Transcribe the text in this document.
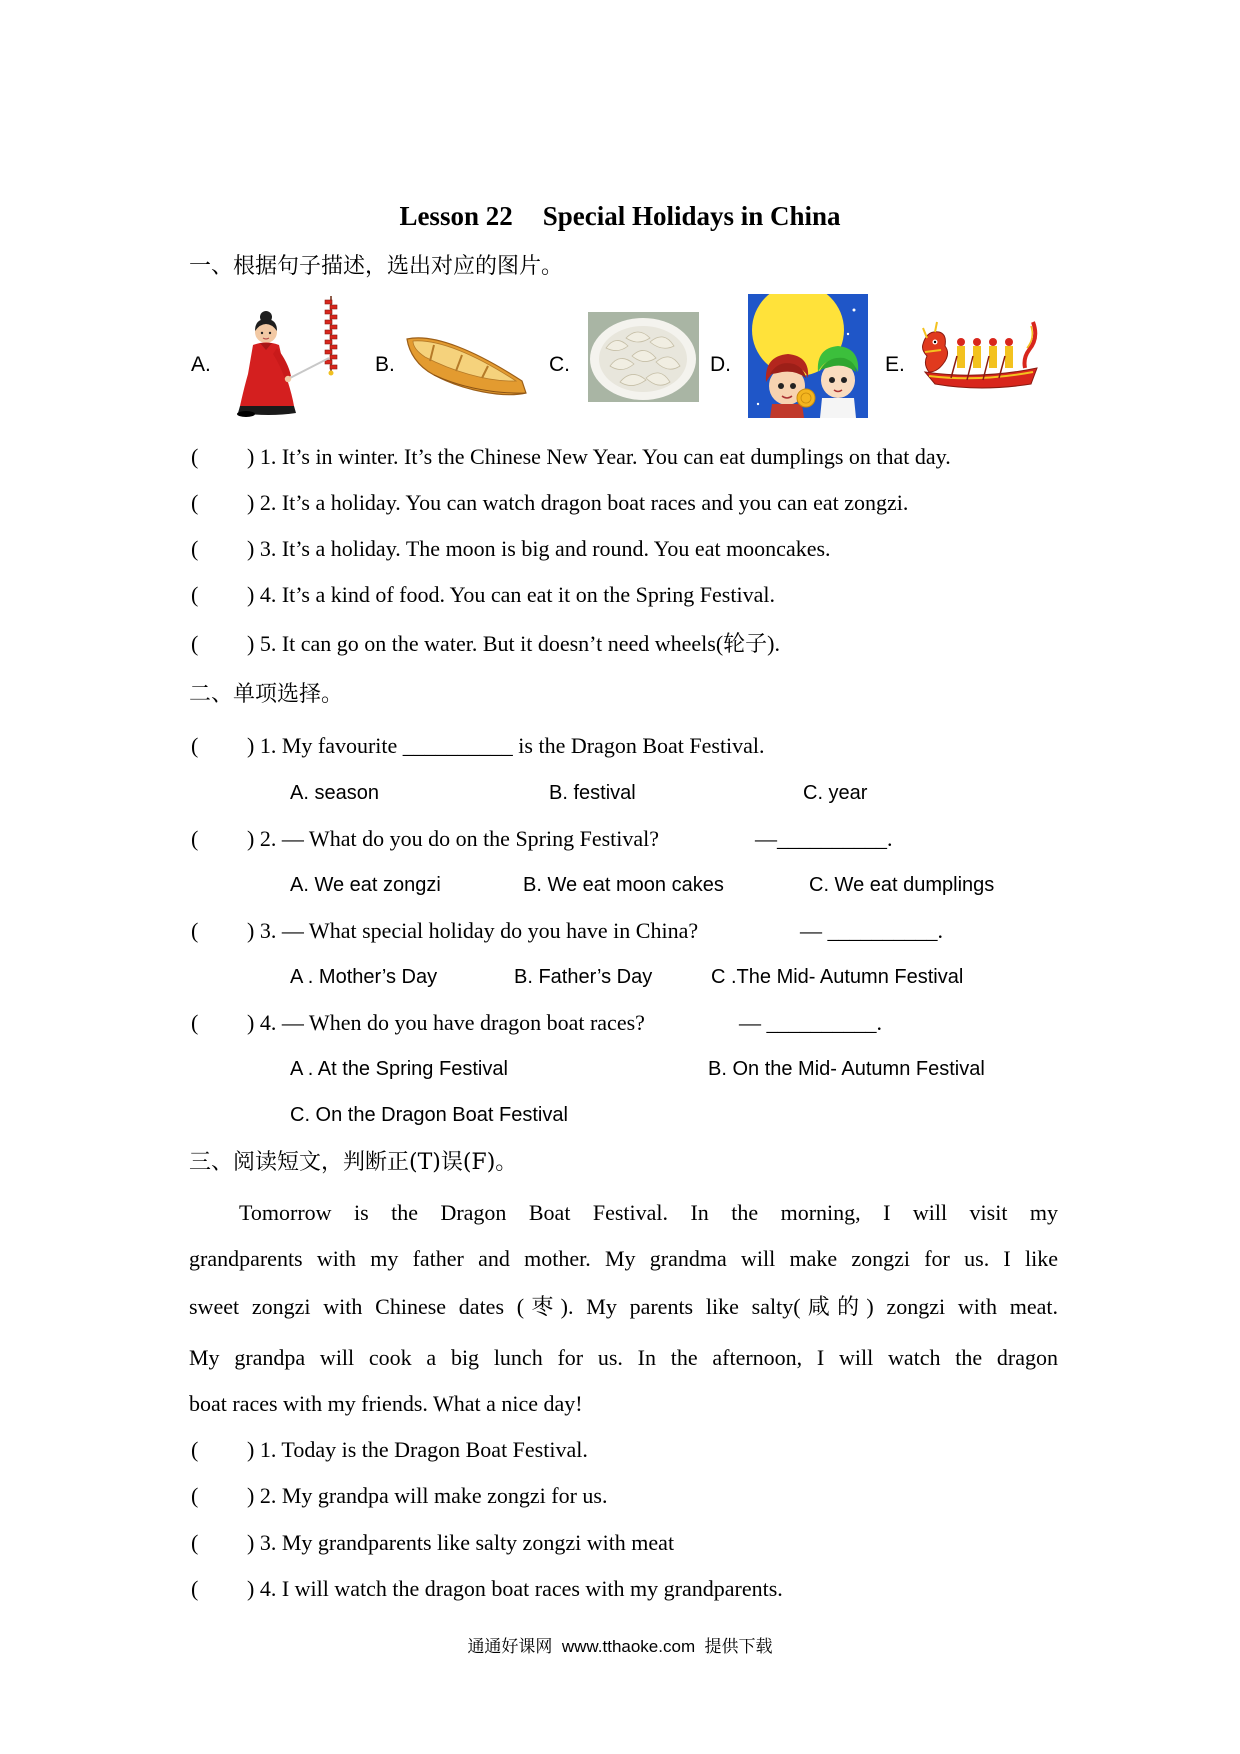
Lesson 22 Special Holidays in China
一、根据句子描述，选出对应的图片。
A.	B.	C.	D.	E.
( ) 1. It’s in winter. It’s the Chinese New Year. You can eat dumplings on that day.
( ) 2. It’s a holiday. You can watch dragon boat races and you can eat zongzi.
( ) 3. It’s a holiday. The moon is big and round. You eat mooncakes.
( ) 4. It’s a kind of food. You can eat it on the Spring Festival.
( ) 5. It can go on the water. But it doesn’t need wheels(轮子).
二、单项选择。
( ) 1. My favourite __________ is the Dragon Boat Festival.
A. season	B. festival	C. year
( ) 2. — What do you do on the Spring Festival?	—__________.
A. We eat zongzi	B. We eat moon cakes	C. We eat dumplings
( ) 3. — What special holiday do you have in China?	— __________.
A . Mother’s Day	B. Father’s Day	C .The Mid- Autumn Festival
( ) 4. — When do you have dragon boat races?	— __________.
A . At the Spring Festival	B. On the Mid- Autumn Festival
C. On the Dragon Boat Festival
三、阅读短文，判断正(T)误(F)。
Tomorrow is the Dragon Boat Festival. In the morning, I will visit my
grandparents with my father and mother. My grandma will make zongzi for us. I like
sweet zongzi with Chinese dates (枣). My parents like salty(咸的) zongzi with meat.
My grandpa will cook a big lunch for us. In the afternoon, I will watch the dragon
boat races with my friends. What a nice day!
( ) 1. Today is the Dragon Boat Festival.
( ) 2. My grandpa will make zongzi for us.
( ) 3. My grandparents like salty zongzi with meat
( ) 4. I will watch the dragon boat races with my grandparents.
通通好课网  www.tthaoke.com  提供下载
